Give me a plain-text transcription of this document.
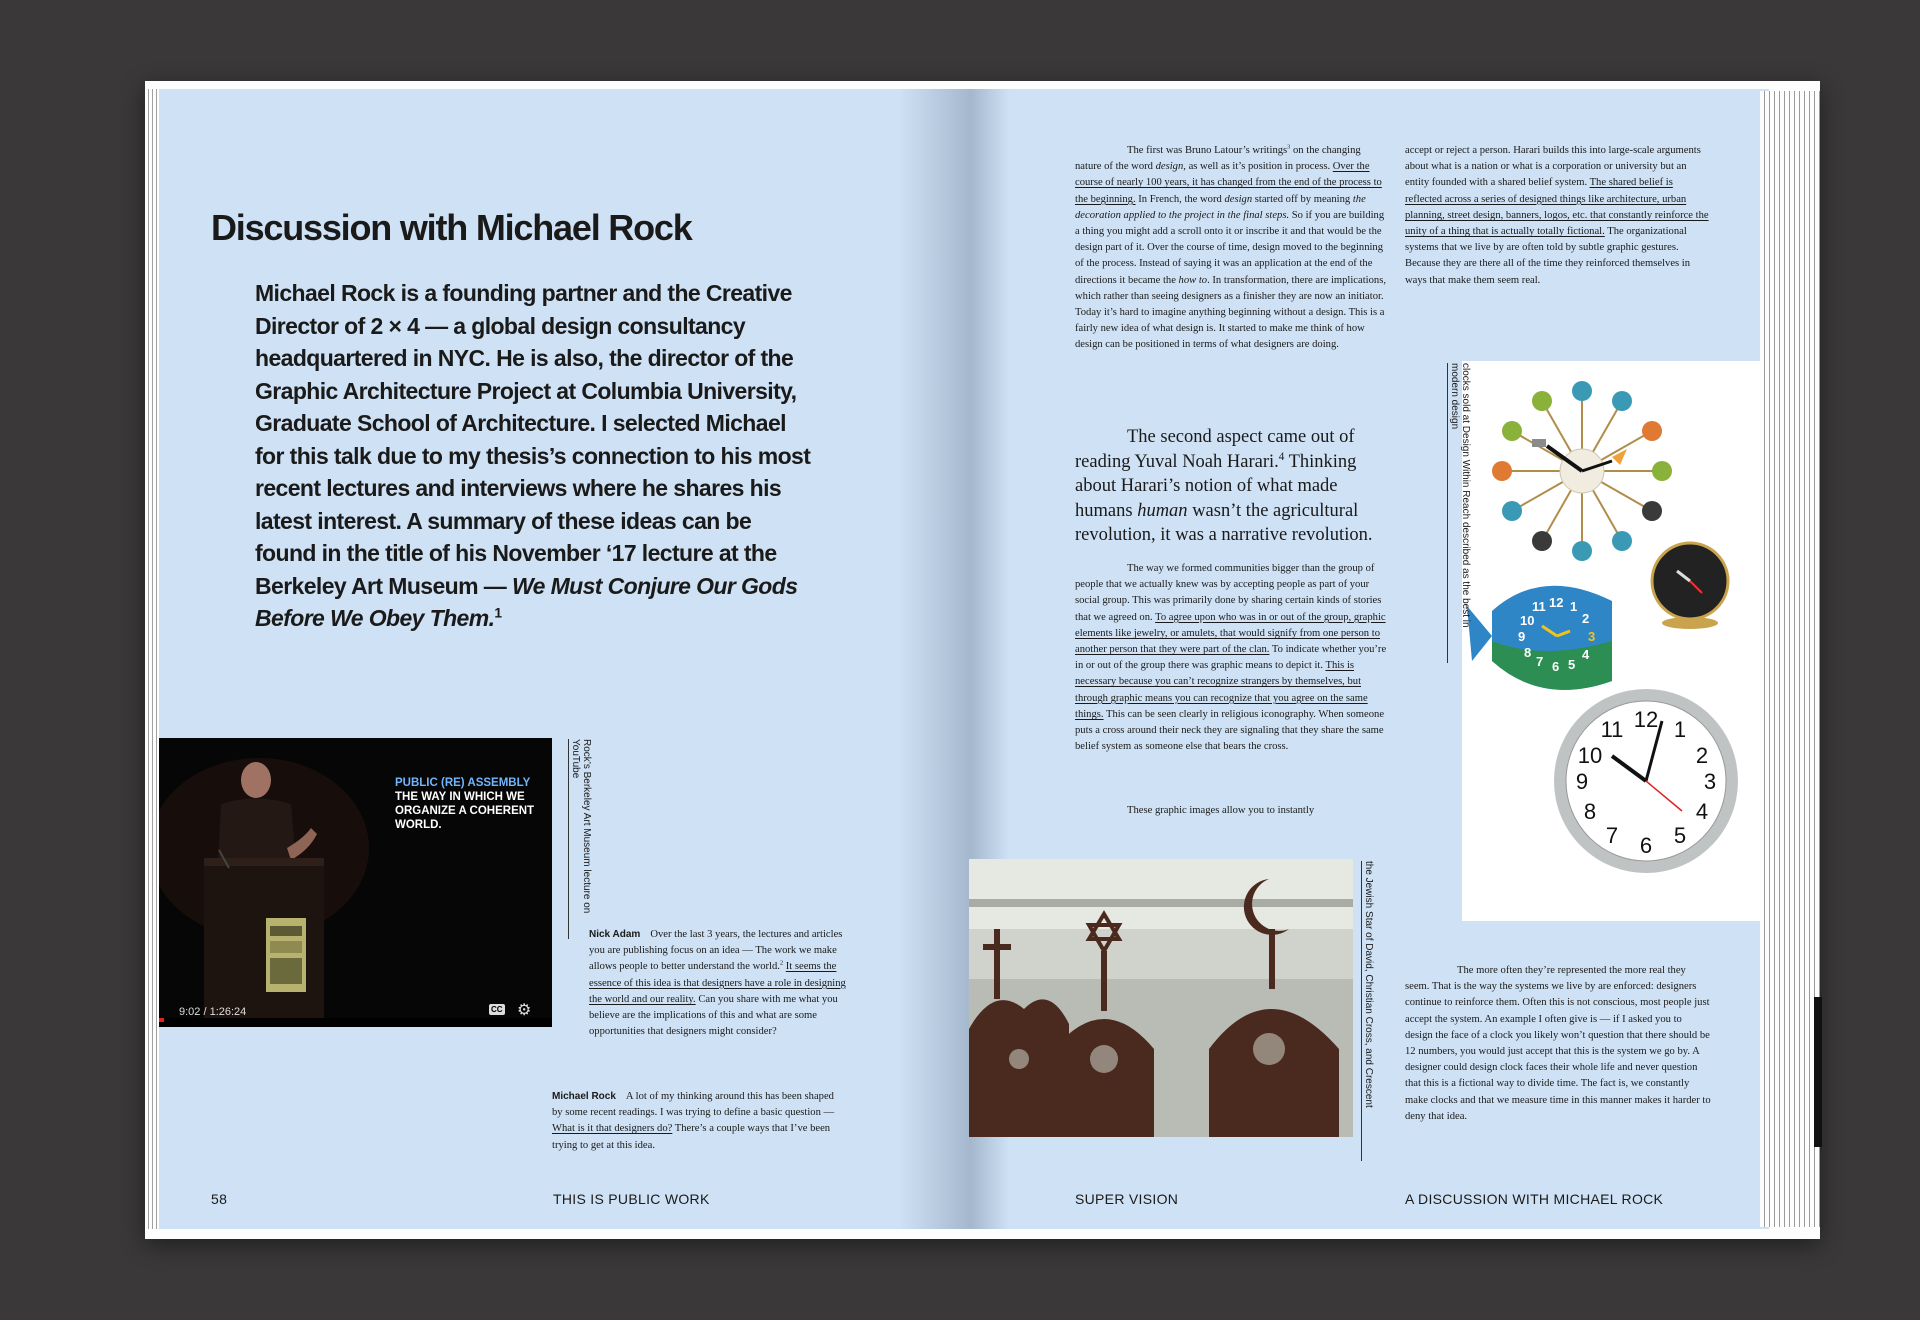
Discussion with Michael Rock

Michael Rock is a founding partner and the Creative Director of 2 × 4 — a global design consultancy headquartered in NYC. He is also, the director of the Graphic Architecture Project at Columbia University, Graduate School of Architecture. I selected Michael for this talk due to my thesis’s connection to his most recent lectures and interviews where he shares his latest interest. A summary of these ideas can be found in the title of his November ‘17 lecture at the Berkeley Art Museum — We Must Conjure Our Gods Before We Obey Them.$^1$

PUBLIC (RE) ASSEMBLY
THE WAY IN WHICH WE ORGANIZE A COHERENT WORLD.
9:02 / 1:26:24	CC ⚙
Rock’s Berkeley Art Museum lecture on YouTube

Nick Adam Over the last 3 years, the lectures and articles you are publishing focus on an idea — The work we make allows people to better understand the world.$^2$ It seems the essence of this idea is that designers have a role in designing the world and our reality. Can you share with me what you believe are the implications of this and what are some opportunities that designers might consider?

Michael Rock A lot of my thinking around this has been shaped by some recent readings. I was trying to define a basic question — What is it that designers do? There’s a couple ways that I’ve been trying to get at this idea.

58	THIS IS PUBLIC WORK

The first was Bruno Latour’s writings$^3$ on the changing nature of the word design, as well as it’s position in process. Over the course of nearly 100 years, it has changed from the end of the process to the beginning. In French, the word design started off by meaning the decoration applied to the project in the final steps. So if you are building a thing you might add a scroll onto it or inscribe it and that would be the design part of it. Over the course of time, design moved to the beginning of the process. Instead of saying it was an application at the end of the directions it became the how to. In transformation, there are implications, which rather than seeing designers as a finisher they are now an initiator. Today it’s hard to imagine anything beginning without a design. This is a fairly new idea of what design is. It started to make me think of how design can be positioned in terms of what designers are doing.

The second aspect came out of reading Yuval Noah Harari.$^4$ Thinking about Harari’s notion of what made humans human wasn’t the agricultural revolution, it was a narrative revolution.

The way we formed communities bigger than the group of people that we actually knew was by accepting people as part of your social group. This was primarily done by sharing certain kinds of stories that we agreed on. To agree upon who was in or out of the group, graphic elements like jewelry, or amulets, that would signify from one person to another person that they were part of the clan. To indicate whether you’re in or out of the group there was graphic means to depict it. This is necessary because you can’t recognize strangers by themselves, but through graphic means you can recognize that you agree on the same things. This can be seen clearly in religious iconography. When someone puts a cross around their neck they are signaling that they share the same belief system as someone else that bears the cross.

These graphic images allow you to instantly

accept or reject a person. Harari builds this into large-scale arguments about what is a nation or what is a corporation or university but an entity founded with a shared belief system. The shared belief is reflected across a series of designed things like architecture, urban planning, street design, banners, logos, etc. that constantly reinforce the unity of a thing that is actually totally fictional. The organizational systems that we live by are often told by subtle graphic gestures. Because they are there all of the time they reinforced themselves in ways that make them seem real.

12 1
2
3
4
5
6
7
8
9
10
11
12 1
2
3
4
5
6
7
8
9
10
11
clocks sold at Design Within Reach described as the best in modern design
the Jewish Star of David, Christian Cross, and Crescent	The more often they’re represented the more real they seem. That is the way the systems we live by are enforced: designers continue to reinforce them. Often this is not conscious, most people just accept the system. An example I often give is — if I asked you to design the face of a clock you likely won’t question that there should be 12 numbers, you would just accept that this is the system we go by. A designer could design clock faces their whole life and never question that this is a fictional way to divide time. The fact is, we constantly make clocks and that we measure time in this manner makes it harder to deny that idea.

SUPER VISION	A DISCUSSION WITH MICHAEL ROCK
